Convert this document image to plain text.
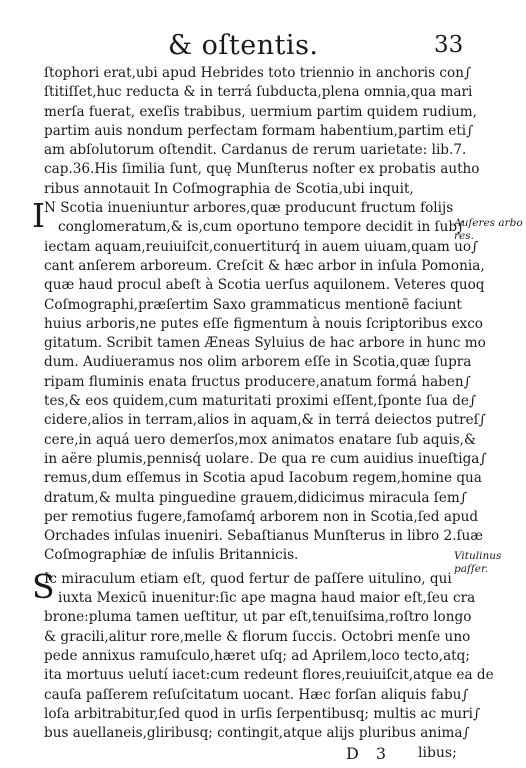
& oſtentis.	33
ſtophori erat,ubi apud Hebrides toto triennio in anchoris con∫
ſtitiſſet,huc reducta & in terrá ſubducta,plena omnia,qua mari
merſa fuerat, exeſis trabibus, uermium partim quidem rudium,
partim auis nondum perfectam formam habentium,partim eti∫
am abſolutorum oſtendit. Cardanus de rerum uarietate: lib.7.
cap.36.His ſimilia ſunt, quę Munſterus noſter ex probatis autho
ribus annotauit In Coſmographia de Scotia,ubi inquit,
I
N Scotia inueniuntur arbores,quæ producunt fructum folijs
conglomeratum,& is,cum oportuno tempore decidit in ſub∫
iectam aquam,reuiuiſcit,conuertiturq́ in auem uiuam,quam uo∫
cant anſerem arboreum. Creſcit & hæc arbor in inſula Pomonia,
quæ haud procul abeſt à Scotia uerſus aquilonem. Veteres quoq
Coſmographi,præſertim Saxo grammaticus mentionē faciunt
huius arboris,ne putes eſſe figmentum à nouis ſcriptoribus exco
gitatum. Scribit tamen Æneas Syluius de hac arbore in hunc mo
dum. Audiueramus nos olim arborem eſſe in Scotia,quæ ſupra
ripam fluminis enata fructus producere,anatum formá haben∫
tes,& eos quidem,cum maturitati proximi eſſent,ſponte ſua de∫
cidere,alios in terram,alios in aquam,& in terrá deiectos putreſ∫
cere,in aquá uero demerſos,mox animatos enatare ſub aquis,&
in aëre plumis,pennisq́ uolare. De qua re cum auidius inueſtiga∫
remus,dum eſſemus in Scotia apud Iacobum regem,homine qua
dratum,& multa pinguedine grauem,didicimus miracula ſem∫
per remotius fugere,famoſamq́ arborem non in Scotia,ſed apud
Orchades inſulas inueniri. Sebaſtianus Munſterus in libro 2.ſuæ
Coſmographiæ de inſulis Britannicis.
S
Ic miraculum etiam eſt, quod fertur de paſſere uitulino, qui
iuxta Mexicū inuenitur:ſic ape magna haud maior eſt,ſeu cra
brone:pluma tamen ueſtitur, ut par eſt,tenuiſsima,roſtro longo
& gracili,alitur rore,melle & florum ſuccis. Octobri menſe uno
pede annixus ramuſculo,hæret uſq; ad Aprilem,loco tecto,atq;
ita mortuus uelutí iacet:cum redeunt flores,reuiuiſcit,atque ea de
cauſa paſſerem reſuſcitatum uocant. Hæc forſan aliquis fabu∫
loſa arbitrabitur,ſed quod in urſis ſerpentibusq; multis ac muri∫
bus auellaneis,gliribusq; contingit,atque alijs pluribus anima∫
Auſeres arbo res.
Vitulinus paſſer.
D 3 libus;
